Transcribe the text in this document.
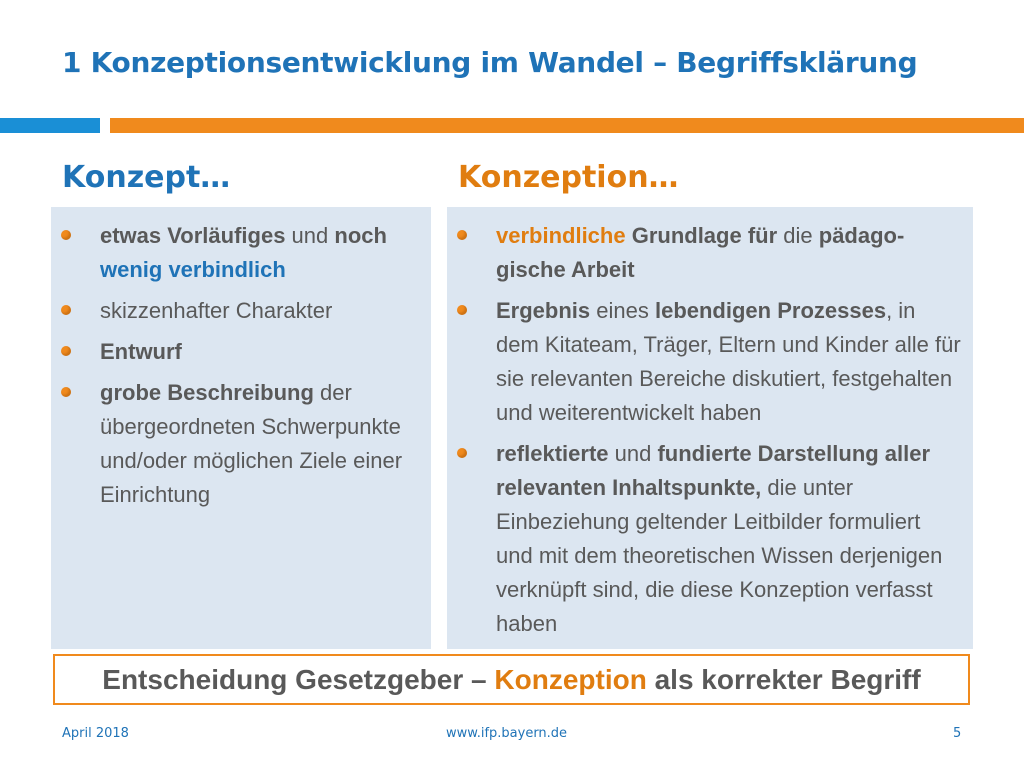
1 Konzeptionsentwicklung im Wandel – Begriffsklärung
Konzept…	Konzeption…
etwas Vorläufiges und noch
wenig verbindlich
skizzenhafter Charakter
Entwurf
grobe Beschreibung der übergeordneten Schwerpunkte und/oder möglichen Ziele einer Einrichtung
verbindliche Grundlage für die pädago-
gische Arbeit
Ergebnis eines lebendigen Prozesses, in dem Kitateam, Träger, Eltern und Kinder alle für sie relevanten Bereiche diskutiert, festgehalten und weiterentwickelt haben
reflektierte und fundierte Darstellung aller relevanten Inhaltspunkte, die unter Einbeziehung geltender Leitbilder formuliert und mit dem theoretischen Wissen derjenigen verknüpft sind, die diese Konzeption verfasst haben
Entscheidung Gesetzgeber – Konzeption als korrekter Begriff
April 2018	www.ifp.bayern.de	5
